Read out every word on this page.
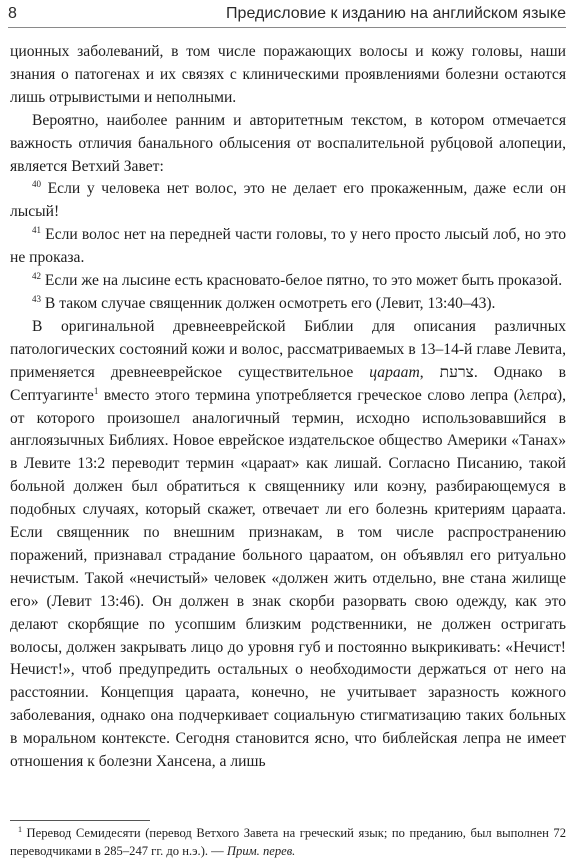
8	Предисловие к изданию на английском языке

ционных заболеваний, в том числе поражающих волосы и кожу головы, наши знания о патогенах и их связях с клиническими проявлениями болезни остаются лишь отрывистыми и неполными.

Вероятно, наиболее ранним и авторитетным текстом, в котором отмечается важность отличия банального облысения от воспалительной рубцовой алопеции, является Ветхий Завет:

$^{40}$ Если у человека нет волос, это не делает его прокаженным, даже если он лысый!

$^{41}$ Если волос нет на передней части головы, то у него просто лысый лоб, но это не проказа.

$^{42}$ Если же на лысине есть красновато-белое пятно, то это может быть проказой.

$^{43}$ В таком случае священник должен осмотреть его (Левит, 13:40–43).

В оригинальной древнееврейской Библии для описания различных патологических состояний кожи и волос, рассматриваемых в 13–14-й главе Левита, применяется древнееврейское существительное цараат, צרעת. Однако в Септуагинте$^1$ вместо этого термина употребляется греческое слово лепра (λεπρα), от которого произошел аналогичный термин, исходно использовавшийся в англоязычных Библиях. Новое еврейское издательское общество Америки «Танах» в Левите 13:2 переводит термин «цараат» как лишай. Согласно Писанию, такой больной должен был обратиться к священнику или коэну, разбирающемуся в подобных случаях, который скажет, отвечает ли его болезнь критериям цараата. Если священник по внешним признакам, в том числе распространению поражений, признавал страдание больного цараатом, он объявлял его ритуально нечистым. Такой «нечистый» человек «должен жить отдельно, вне стана жилище его» (Левит 13:46). Он должен в знак скорби разорвать свою одежду, как это делают скорбящие по усопшим близким родственники, не должен остригать волосы, должен закрывать лицо до уровня губ и постоянно выкрикивать: «Нечист! Нечист!», чтоб предупредить остальных о необходимости держаться от него на расстоянии. Концепция цараата, конечно, не учитывает заразность кожного заболевания, однако она подчеркивает социальную стигматизацию таких больных в моральном контексте. Сегодня становится ясно, что библейская лепра не имеет отношения к болезни Хансена, а лишь

$^1$ Перевод Семидесяти (перевод Ветхого Завета на греческий язык; по преданию, был выполнен 72 переводчиками в 285–247 гг. до н.э.). — Прим. перев.
